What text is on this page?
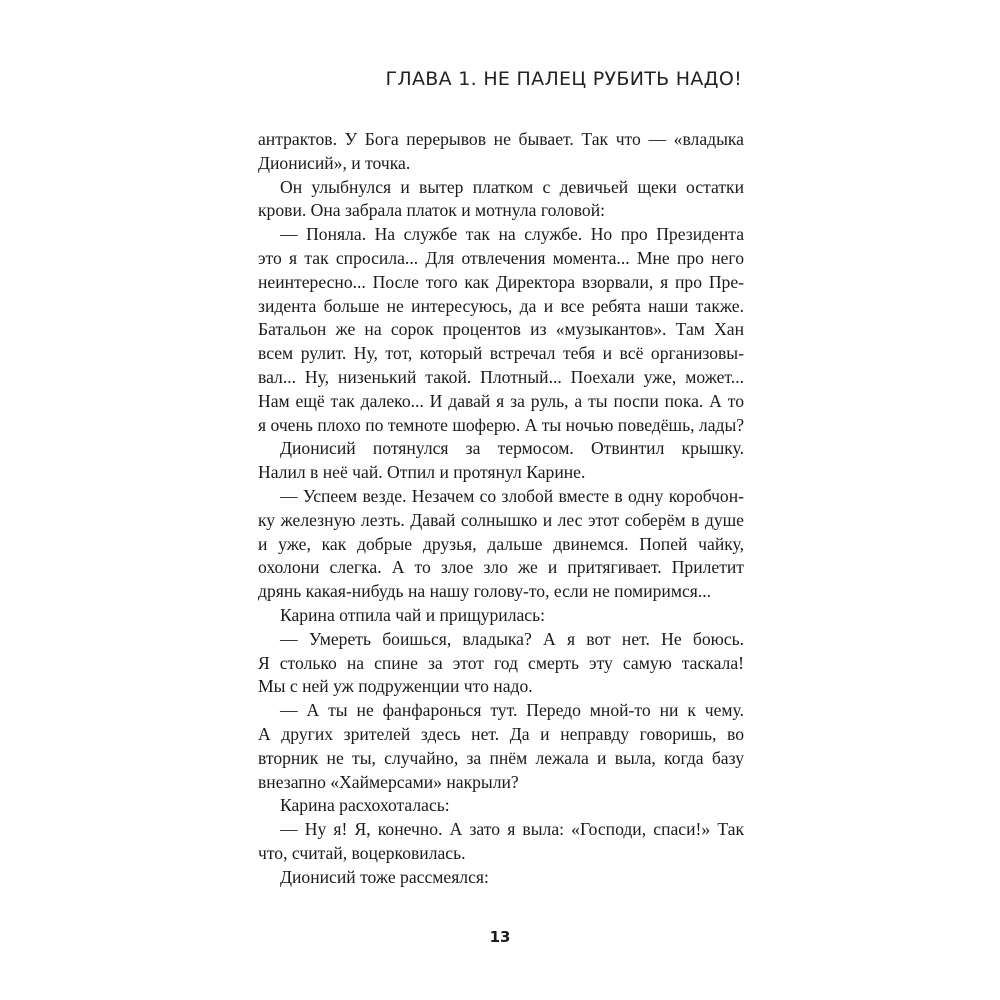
ГЛАВА 1. НЕ ПАЛЕЦ РУБИТЬ НАДО!
антрактов. У Бога перерывов не бывает. Так что — «владыка
Дионисий», и точка.
Он улыбнулся и вытер платком с девичьей щеки остатки
крови. Она забрала платок и мотнула головой:
— Поняла. На службе так на службе. Но про Президента
это я так спросила... Для отвлечения момента... Мне про него
неинтересно... После того как Директора взорвали, я про Пре-
зидента больше не интересуюсь, да и все ребята наши также.
Батальон же на сорок процентов из «музыкантов». Там Хан
всем рулит. Ну, тот, который встречал тебя и всё организовы-
вал... Ну, низенький такой. Плотный... Поехали уже, может...
Нам ещё так далеко... И давай я за руль, а ты поспи пока. А то
я очень плохо по темноте шоферю. А ты ночью поведёшь, лады?
Дионисий потянулся за термосом. Отвинтил крышку.
Налил в неё чай. Отпил и протянул Карине.
— Успеем везде. Незачем со злобой вместе в одну коробчон-
ку железную лезть. Давай солнышко и лес этот соберём в душе
и уже, как добрые друзья, дальше двинемся. Попей чайку,
охолони слегка. А то злое зло же и притягивает. Прилетит
дрянь какая-нибудь на нашу голову-то, если не помиримся...
Карина отпила чай и прищурилась:
— Умереть боишься, владыка? А я вот нет. Не боюсь.
Я столько на спине за этот год смерть эту самую таскала!
Мы с ней уж подруженции что надо.
— А ты не фанфаронься тут. Передо мной-то ни к чему.
А других зрителей здесь нет. Да и неправду говоришь, во
вторник не ты, случайно, за пнём лежала и выла, когда базу
внезапно «Хаймерсами» накрыли?
Карина расхохоталась:
— Ну я! Я, конечно. А зато я выла: «Господи, спаси!» Так
что, считай, воцерковилась.
Дионисий тоже рассмеялся:
13
